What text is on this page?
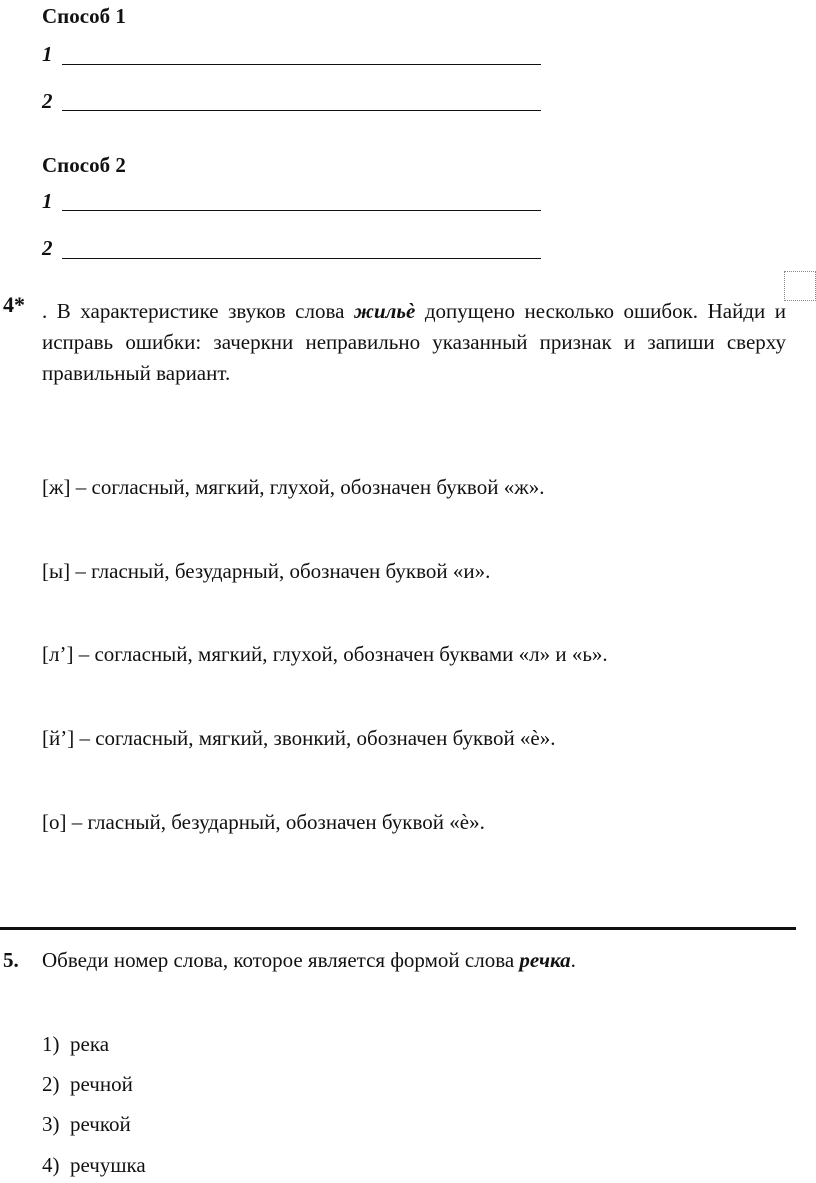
Способ 1
1
2
Способ 2
1
2
4* . В характеристике звуков слова жильѐ допущено несколько ошибок. Найди и исправь ошибки: зачеркни неправильно указанный признак и запиши сверху правильный вариант.
[ж] – согласный, мягкий, глухой, обозначен буквой «ж».
[ы] – гласный, безударный, обозначен буквой «и».
[л’] – согласный, мягкий, глухой, обозначен буквами «л» и «ь».
[й’] – согласный, мягкий, звонкий, обозначен буквой «ѐ».
[о] – гласный, безударный, обозначен буквой «ѐ».
5. Обведи номер слова, которое является формой слова речка.
1) река
2) речной
3) речкой
4) речушка
